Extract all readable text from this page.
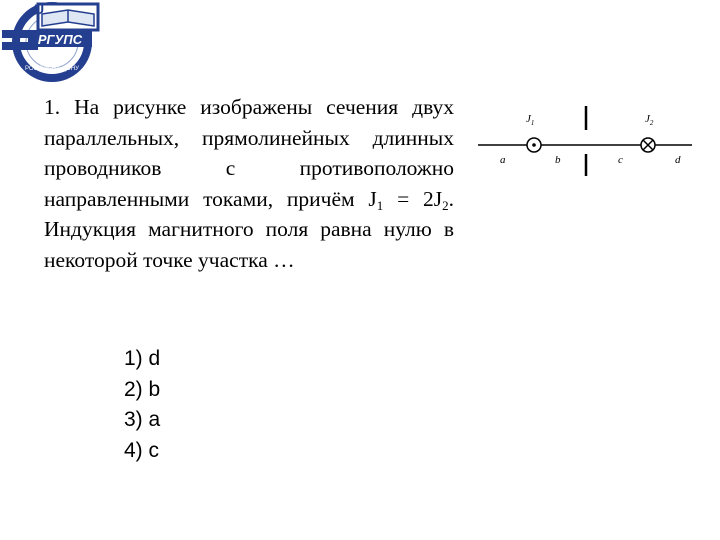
U
РГУПС
РОСТОВ-НА-ДОНУ
1. На рисунке изображены сечения двух параллельных, прямолинейных длинных проводников с противоположно направленными токами, причём $J_1 = 2J_2$. Индукция магнитного поля равна нулю в некоторой точке участка …
1) d
2) b
3) a
4) c
$J_1$	$J_2$
a	b	c	d
